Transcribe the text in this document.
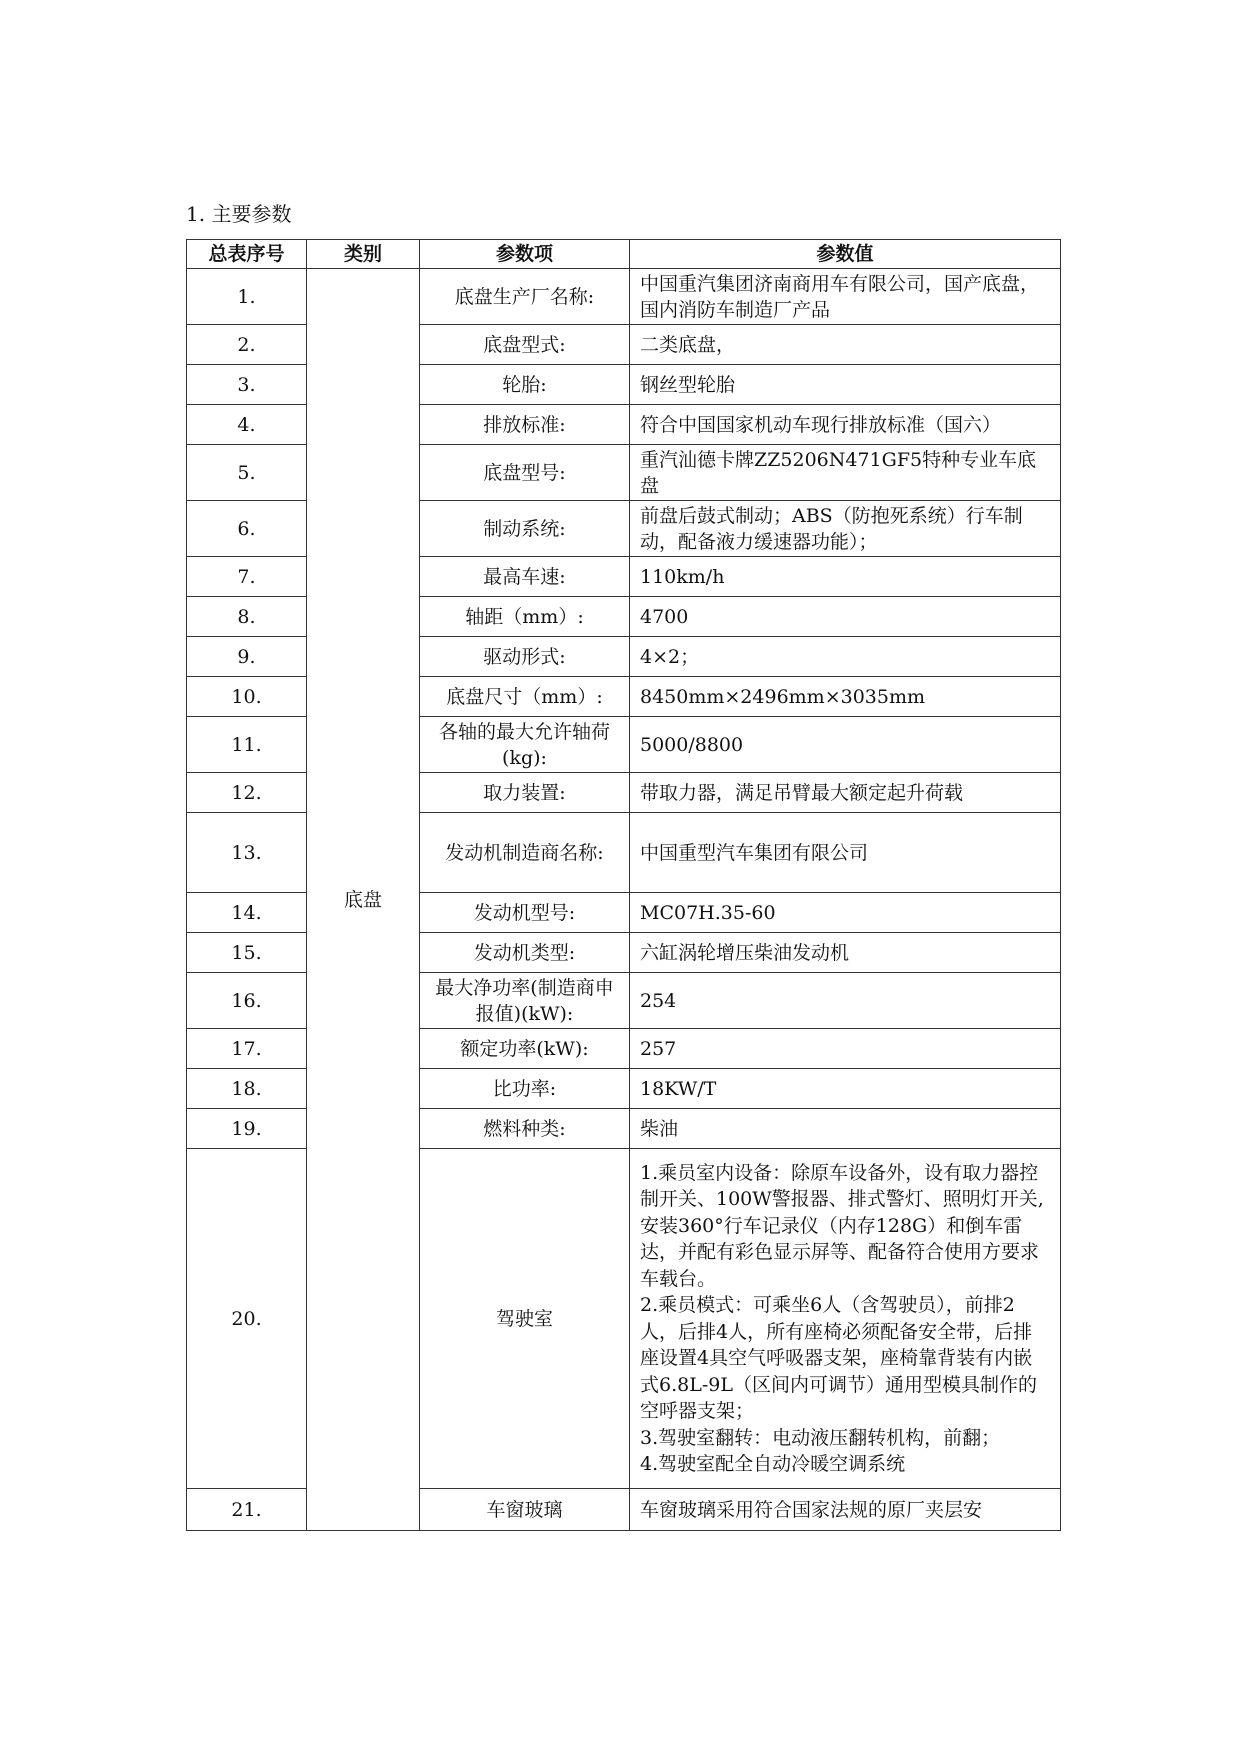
1. 主要参数
总表序号	类别	参数项	参数值
1.	底盘	底盘生产厂名称:	中国重汽集团济南商用车有限公司，国产底盘，国内消防车制造厂产品
2.		底盘型式:	二类底盘，
3.		轮胎:	钢丝型轮胎
4.		排放标准:	符合中国国家机动车现行排放标准（国六）
5.		底盘型号:	重汽汕德卡牌ZZ5206N471GF5特种专业车底盘
6.		制动系统:	前盘后鼓式制动；ABS（防抱死系统）行车制动，配备液力缓速器功能）；
7.		最高车速:	110km/h
8.		轴距（mm）:	4700
9.		驱动形式:	4×2；
10.		底盘尺寸（mm）:	8450mm×2496mm×3035mm
11.		各轴的最大允许轴荷(kg):	5000/8800
12.		取力装置:	带取力器，满足吊臂最大额定起升荷载
13.		发动机制造商名称:	中国重型汽车集团有限公司
14.		发动机型号:	MC07H.35-60
15.		发动机类型:	六缸涡轮增压柴油发动机
16.		最大净功率(制造商申报值)(kW):	254
17.		额定功率(kW):	257
18.		比功率:	18KW/T
19.		燃料种类:	柴油
20.		驾驶室	1.乘员室内设备：除原车设备外，设有取力器控制开关、100W警报器、排式警灯、照明灯开关,安装360°行车记录仪（内存128G）和倒车雷达，并配有彩色显示屏等、配备符合使用方要求车载台。
2.乘员模式：可乘坐6人（含驾驶员），前排2人，后排4人，所有座椅必须配备安全带，后排座设置4具空气呼吸器支架，座椅靠背装有内嵌式6.8L-9L（区间内可调节）通用型模具制作的空呼器支架；
3.驾驶室翻转：电动液压翻转机构，前翻；
4.驾驶室配全自动冷暖空调系统
21.		车窗玻璃	车窗玻璃采用符合国家法规的原厂夹层安
